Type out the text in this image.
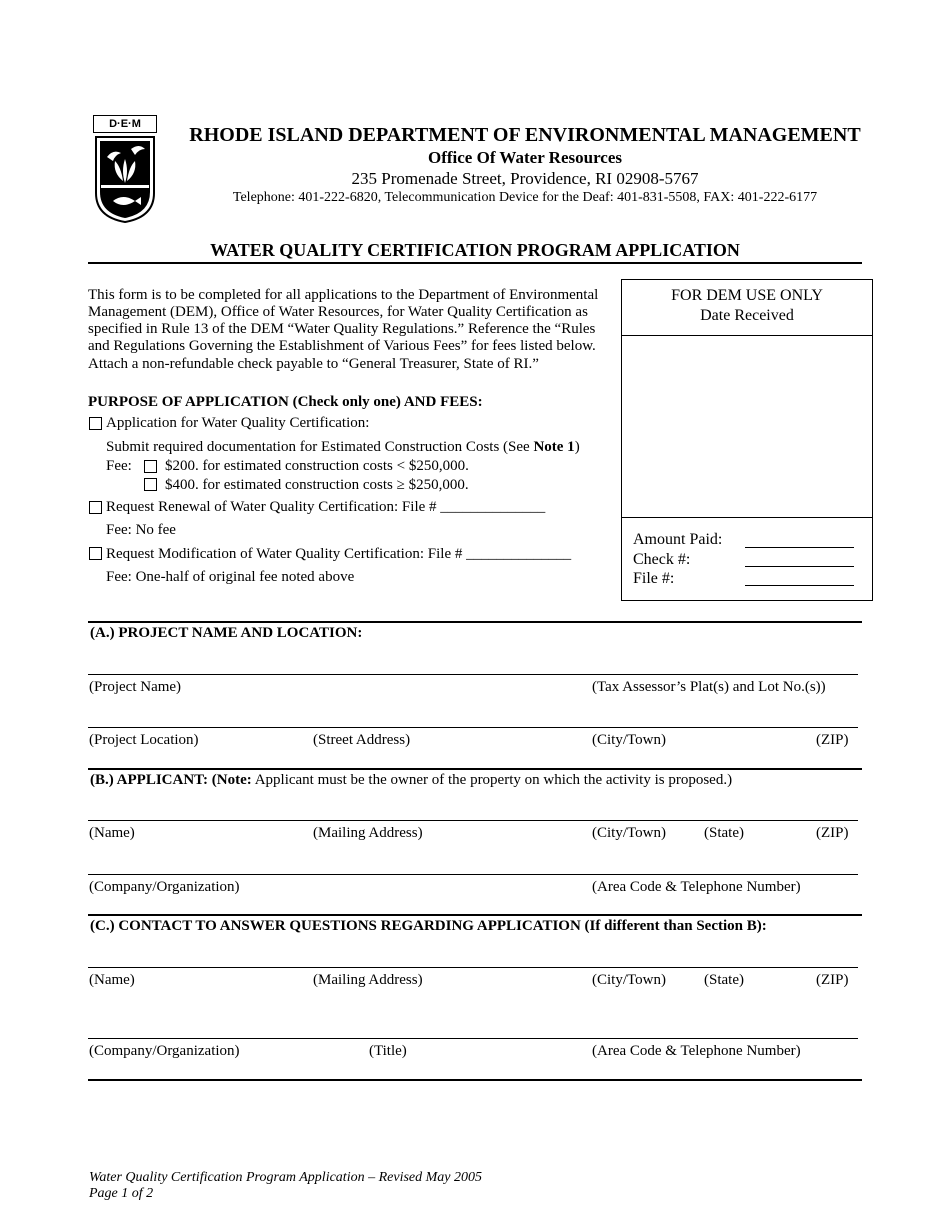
D·E·M	RHODE ISLAND DEPARTMENT OF ENVIRONMENTAL MANAGEMENT
Office Of Water Resources
235 Promenade Street, Providence, RI 02908-5767
Telephone: 401-222-6820, Telecommunication Device for the Deaf: 401-831-5508, FAX: 401-222-6177
WATER QUALITY CERTIFICATION PROGRAM APPLICATION
This form is to be completed for all applications to the Department of Environmental
Management (DEM), Office of Water Resources, for Water Quality Certification as
specified in Rule 13 of the DEM “Water Quality Regulations.” Reference the “Rules
and Regulations Governing the Establishment of Various Fees” for fees listed below.
Attach a non-refundable check payable to “General Treasurer, State of RI.”
FOR DEM USE ONLY
Date Received
Amount Paid:
Check #:
File #:
PURPOSE OF APPLICATION (Check only one) AND FEES:
Application for Water Quality Certification:
Submit required documentation for Estimated Construction Costs (See Note 1)
Fee: $200. for estimated construction costs < $250,000.
$400. for estimated construction costs ≥ $250,000.
Request Renewal of Water Quality Certification: File # ______________
Fee: No fee
Request Modification of Water Quality Certification: File # ______________
Fee: One-half of original fee noted above
(A.) PROJECT NAME AND LOCATION:
(Project Name)	(Tax Assessor’s Plat(s) and Lot No.(s))
(Project Location)	(Street Address)	(City/Town)	(ZIP)
(B.) APPLICANT: (Note: Applicant must be the owner of the property on which the activity is proposed.)
(Name)	(Mailing Address)	(City/Town)	(State)	(ZIP)
(Company/Organization)	(Area Code & Telephone Number)
(C.) CONTACT TO ANSWER QUESTIONS REGARDING APPLICATION (If different than Section B):
(Name)	(Mailing Address)	(City/Town)	(State)	(ZIP)
(Company/Organization)	(Title)	(Area Code & Telephone Number)
Water Quality Certification Program Application – Revised May 2005
Page 1 of 2
